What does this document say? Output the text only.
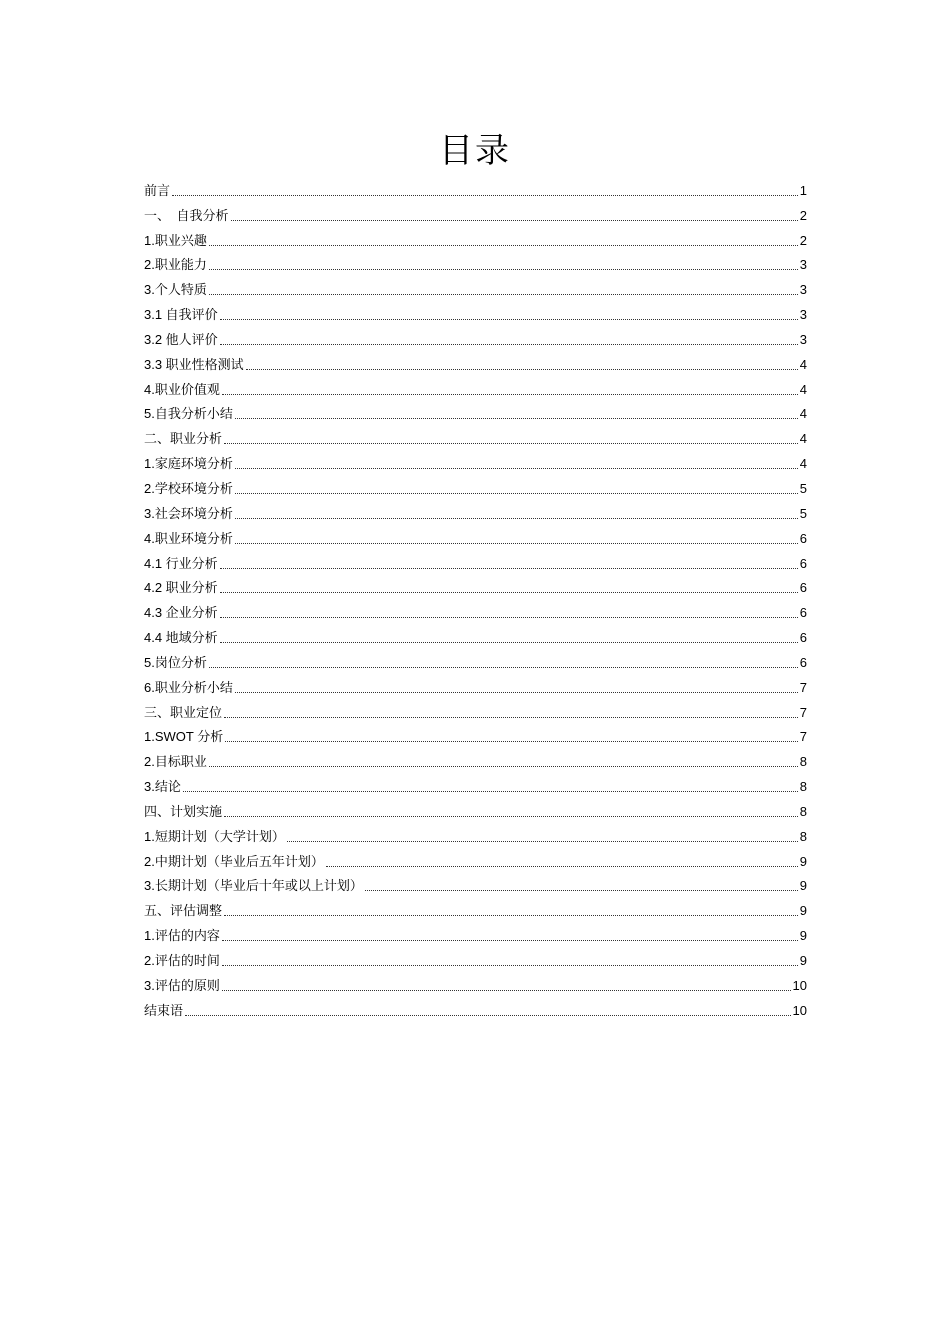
目录
前言	1
一、　自我分析	2
1.职业兴趣	2
2.职业能力	3
3.个人特质	3
3.1 自我评价	3
3.2 他人评价	3
3.3 职业性格测试	4
4.职业价值观	4
5.自我分析小结	4
二、职业分析	4
1.家庭环境分析	4
2.学校环境分析	5
3.社会环境分析	5
4.职业环境分析	6
4.1 行业分析	6
4.2 职业分析	6
4.3 企业分析	6
4.4 地域分析	6
5.岗位分析	6
6.职业分析小结	7
三、职业定位	7
1.SWOT 分析	7
2.目标职业	8
3.结论	8
四、计划实施	8
1.短期计划（大学计划）	8
2.中期计划（毕业后五年计划）	9
3.长期计划（毕业后十年或以上计划）	9
五、评估调整	9
1.评估的内容	9
2.评估的时间	9
3.评估的原则	10
结束语	10
